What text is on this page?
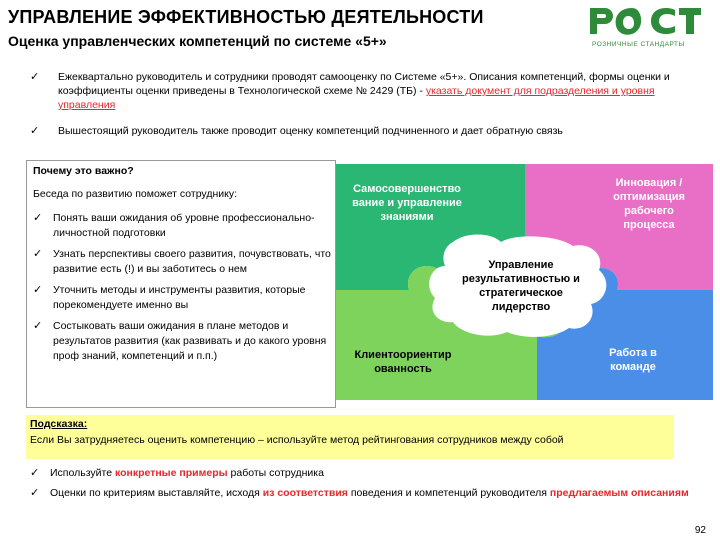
УПРАВЛЕНИЕ ЭФФЕКТИВНОСТЬЮ ДЕЯТЕЛЬНОСТИ
Оценка управленческих компетенций по системе «5+»	РОЗНИЧНЫЕ СТАНДАРТЫ
✓ Ежеквартально руководитель и сотрудники проводят самооценку по Системе «5+». Описания компетенций, формы оценки и коэффициенты оценки приведены в Технологической схеме № 2429 (ТБ) - указать документ для подразделения и уровня управления
✓ Вышестоящий руководитель также проводит оценку компетенций подчиненного и дает обратную связь
Самосовершенство
вание и управление
знаниями
Инновация /
оптимизация
рабочего
процесса
Управление
результативностью и
стратегическое
лидерство
Клиентоориентир
ованность
Работа в
команде
Почему это важно?
Беседа по развитию поможет сотруднику:
✓ Понять ваши ожидания об уровне профессионально-личностной подготовки
✓ Узнать перспективы своего развития, почувствовать, что развитие есть (!) и вы заботитесь о нем
✓ Уточнить методы и инструменты развития, которые порекомендуете именно вы
✓ Состыковать ваши ожидания в плане методов и результатов развития (как развивать и до какого уровня проф знаний, компетенций и п.п.)
Подсказка:
Если Вы затрудняетесь оценить компетенцию – используйте метод рейтингования сотрудников между собой
✓ Используйте конкретные примеры работы сотрудника
✓ Оценки по критериям выставляйте, исходя из соответствия поведения и компетенций руководителя предлагаемым описаниям
92
